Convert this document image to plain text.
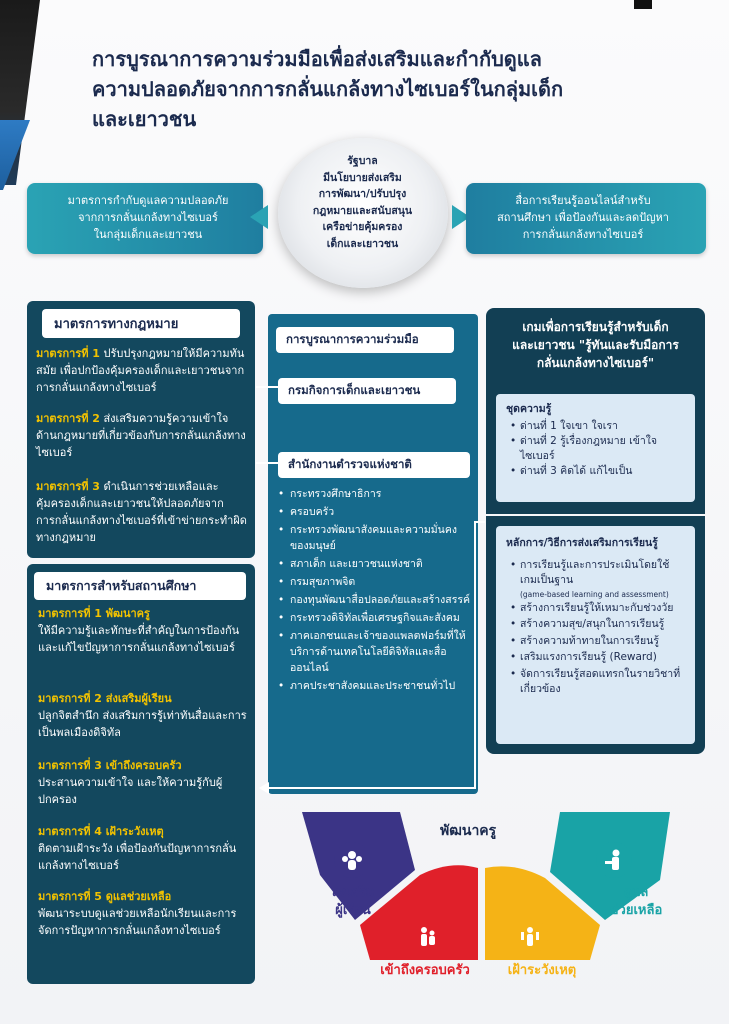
การบูรณาการความร่วมมือเพื่อส่งเสริมและกำกับดูแล
ความปลอดภัยจากการกลั่นแกล้งทางไซเบอร์ในกลุ่มเด็ก
และเยาวชน
มาตรการกำกับดูแลความปลอดภัย
จากการกลั่นแกล้งทางไซเบอร์
ในกลุ่มเด็กและเยาวชน
รัฐบาล
มีนโยบายส่งเสริม
การพัฒนา/ปรับปรุง
กฎหมายและสนับสนุน
เครือข่ายคุ้มครอง
เด็กและเยาวชน
สื่อการเรียนรู้ออนไลน์สำหรับ
สถานศึกษา เพื่อป้องกันและลดปัญหา
การกลั่นแกล้งทางไซเบอร์
มาตรการทางกฎหมาย
มาตรการที่ 1 ปรับปรุงกฎหมายให้มีความทันสมัย เพื่อปกป้องคุ้มครองเด็กและเยาวชนจากการกลั่นแกล้งทางไซเบอร์
มาตรการที่ 2 ส่งเสริมความรู้ความเข้าใจด้านกฎหมายที่เกี่ยวข้องกับการกลั่นแกล้งทางไซเบอร์
มาตรการที่ 3 ดำเนินการช่วยเหลือและคุ้มครองเด็กและเยาวชนให้ปลอดภัยจากการกลั่นแกล้งทางไซเบอร์ที่เข้าข่ายกระทำผิดทางกฎหมาย
มาตรการสำหรับสถานศึกษา
มาตรการที่ 1 พัฒนาครู
ให้มีความรู้และทักษะที่สำคัญในการป้องกันและแก้ไขปัญหาการกลั่นแกล้งทางไซเบอร์
มาตรการที่ 2 ส่งเสริมผู้เรียน
ปลูกจิตสำนึก ส่งเสริมการรู้เท่าทันสื่อและการเป็นพลเมืองดิจิทัล
มาตรการที่ 3 เข้าถึงครอบครัว
ประสานความเข้าใจ และให้ความรู้กับผู้ปกครอง
มาตรการที่ 4 เฝ้าระวังเหตุ
ติดตามเฝ้าระวัง เพื่อป้องกันปัญหาการกลั่นแกล้งทางไซเบอร์
มาตรการที่ 5 ดูแลช่วยเหลือ
พัฒนาระบบดูแลช่วยเหลือนักเรียนและการจัดการปัญหาการกลั่นแกล้งทางไซเบอร์
การบูรณาการความร่วมมือ
กรมกิจการเด็กและเยาวชน
สำนักงานตำรวจแห่งชาติ
• กระทรวงศึกษาธิการ
• ครอบครัว
• กระทรวงพัฒนาสังคมและความมั่นคงของมนุษย์
• สภาเด็ก และเยาวชนแห่งชาติ
• กรมสุขภาพจิต
• กองทุนพัฒนาสื่อปลอดภัยและสร้างสรรค์
• กระทรวงดิจิทัลเพื่อเศรษฐกิจและสังคม
• ภาคเอกชนและเจ้าของแพลตฟอร์มที่ให้บริการด้านเทคโนโลยีดิจิทัลและสื่อออนไลน์
• ภาคประชาสังคมและประชาชนทั่วไป
เกมเพื่อการเรียนรู้สำหรับเด็ก
และเยาวชน "รู้ทันและรับมือการ
กลั่นแกล้งทางไซเบอร์"
ชุดความรู้
• ด่านที่ 1 ใจเขา ใจเรา
• ด่านที่ 2 รู้เรื่องกฎหมาย เข้าใจไซเบอร์
• ด่านที่ 3 คิดได้ แก้ไขเป็น
หลักการ/วิธีการส่งเสริมการเรียนรู้
• การเรียนรู้และการประเมินโดยใช้เกมเป็นฐาน
(game-based learning and assessment)
• สร้างการเรียนรู้ให้เหมาะกับช่วงวัย
• สร้างความสุข/สนุกในการเรียนรู้
• สร้างความท้าทายในการเรียนรู้
• เสริมแรงการเรียนรู้ (Reward)
• จัดการเรียนรู้สอดแทรกในรายวิชาที่เกี่ยวข้อง
พัฒนาครู
ส่งเสริม
ผู้เรียน
เข้าถึงครอบครัว	เฝ้าระวังเหตุ
ดูแล
ช่วยเหลือ
